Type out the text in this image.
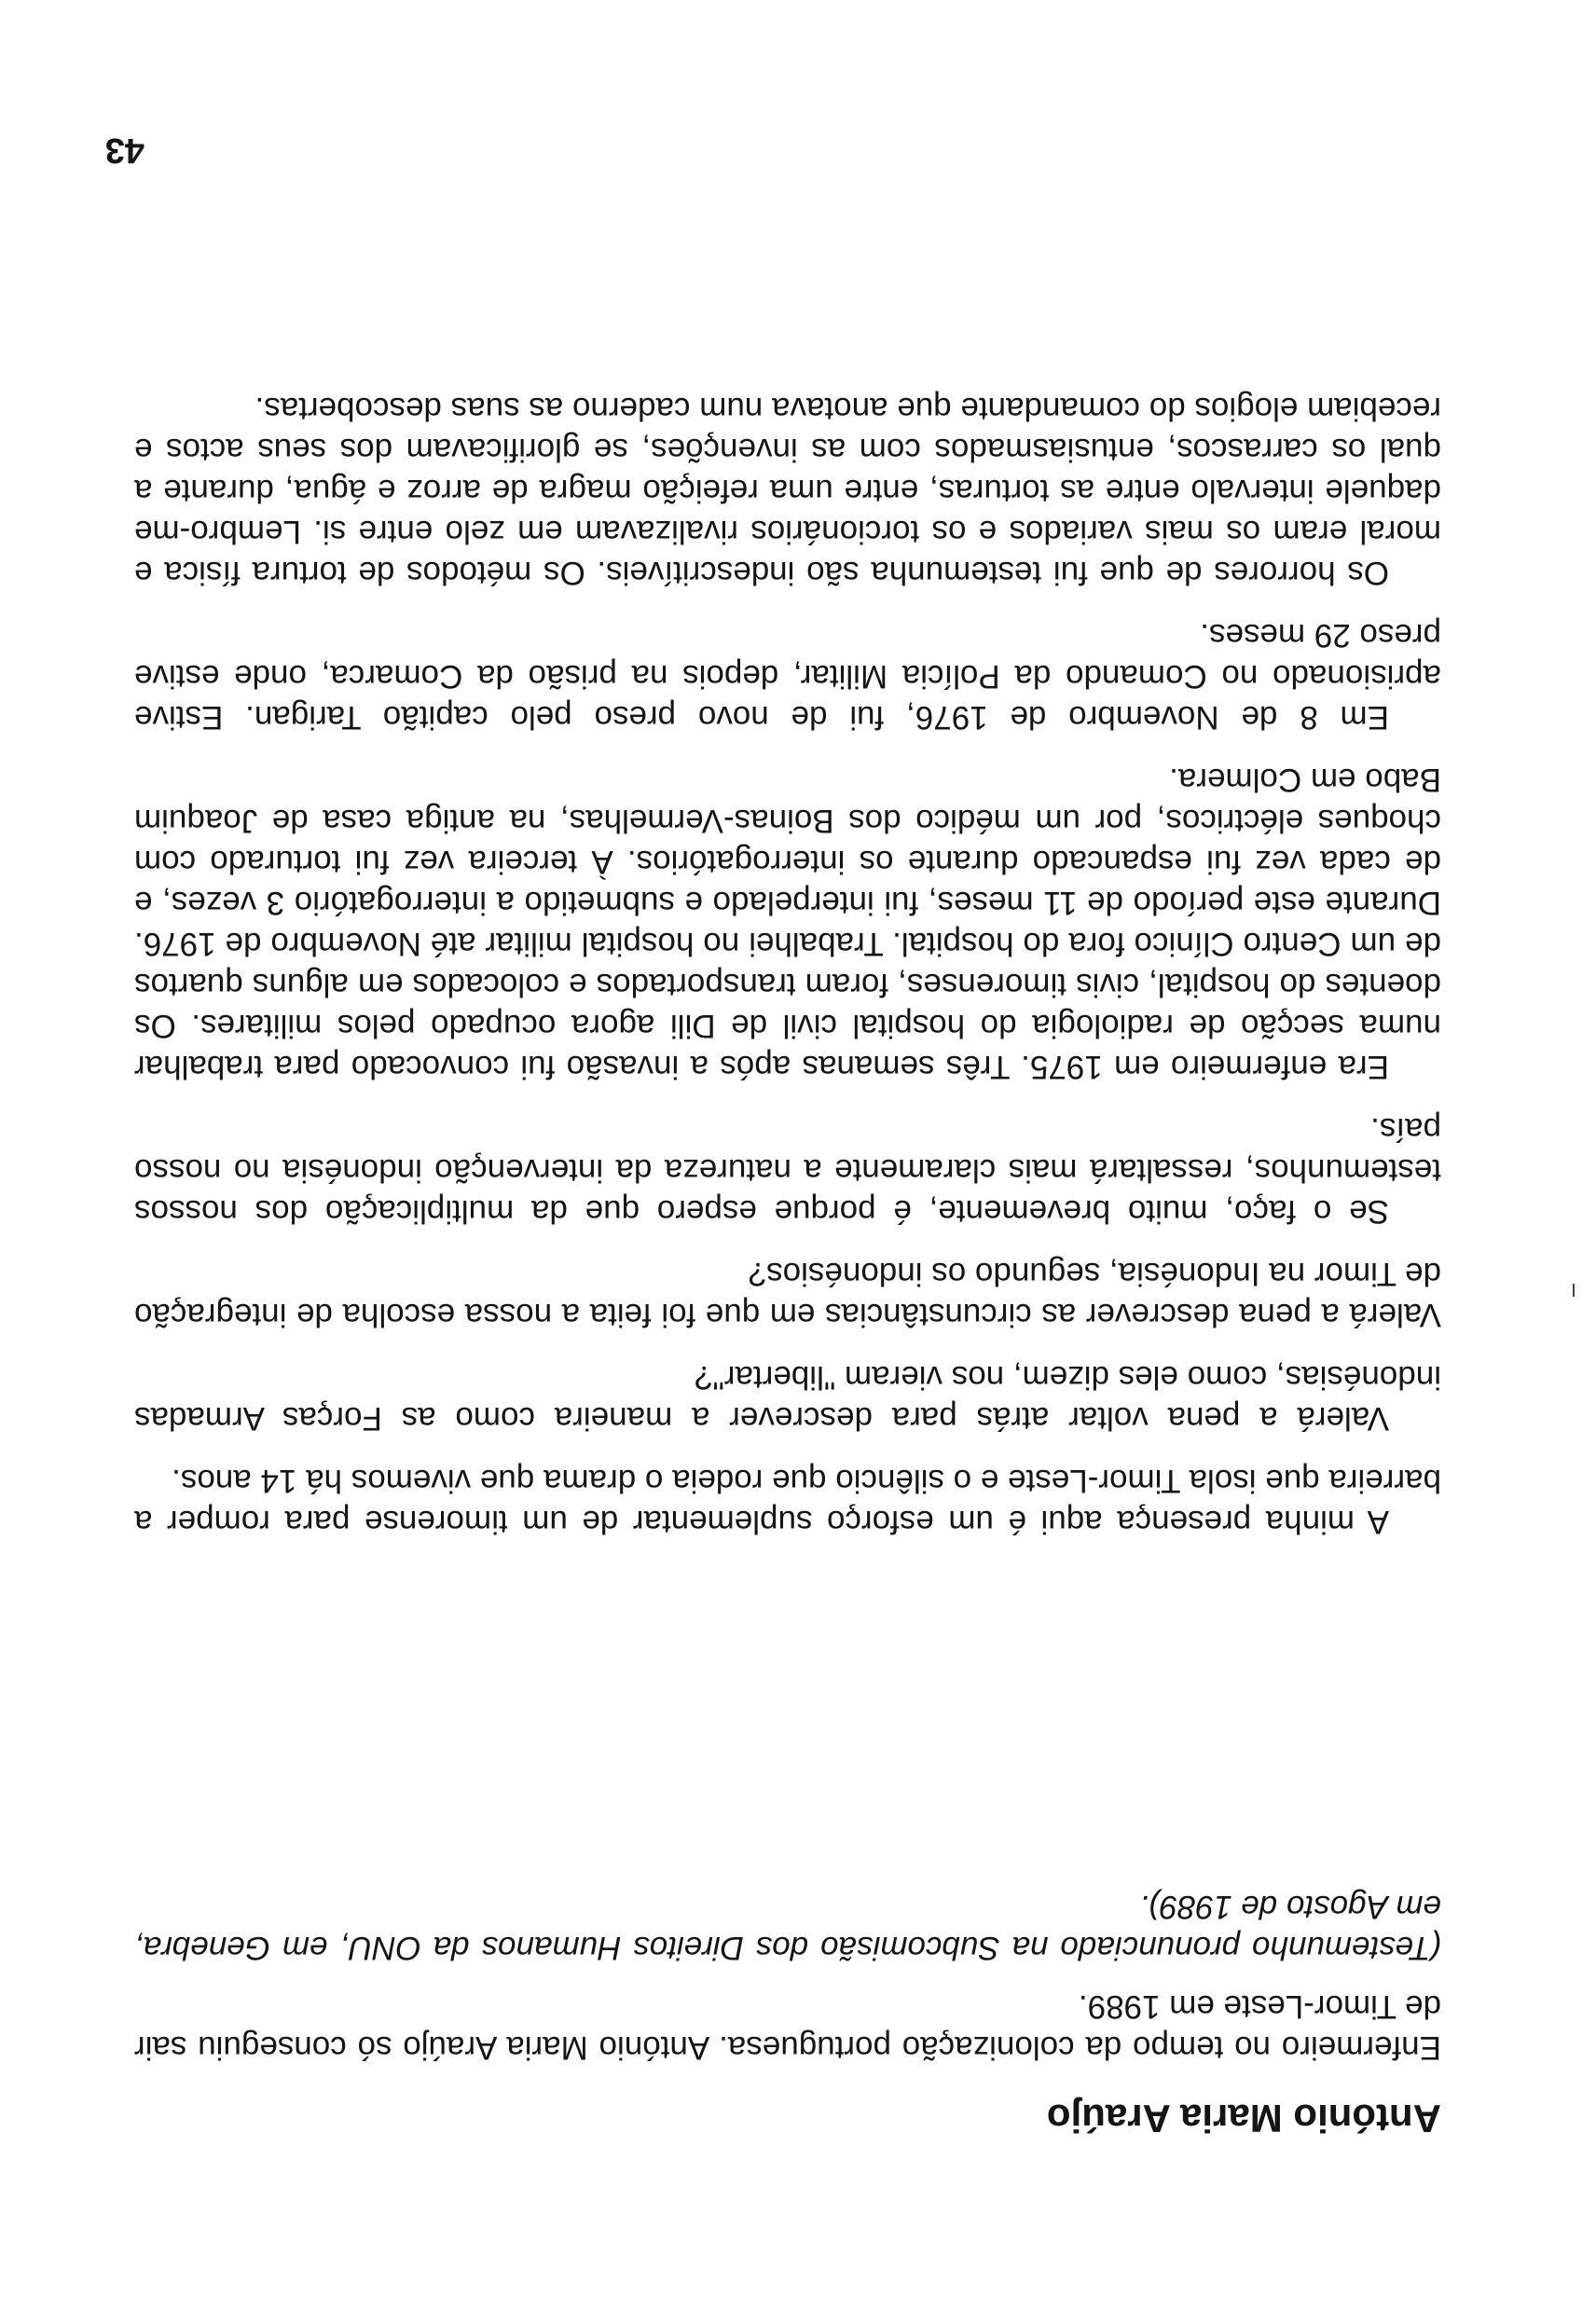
António Maria Araújo

Enfermeiro no tempo da colonização portuguesa. António Maria Araújo só conseguiu sair de Timor-Leste em 1989.

(Testemunho pronunciado na Subcomisão dos Direitos Humanos da ONU, em Genebra, em Agosto de 1989).

A minha presença aqui é um esforço suplementar de um timorense para romper a barreira que isola Timor-Leste e o silêncio que rodeia o drama que vivemos há 14 anos.

Valerá a pena voltar atrás para descrever a maneira como as Forças Armadas indonésias, como eles dizem, nos vieram "libertar"?

Valerá a pena descrever as circunstâncias em que foi feita a nossa escolha de integração de Timor na Indonésia, segundo os indonésios?

Se o faço, muito brevemente, é porque espero que da multiplicação dos nossos testemunhos, ressaltará mais claramente a natureza da intervenção indonésia no nosso país.

Era enfermeiro em 1975. Três semanas após a invasão fui convocado para trabalhar numa secção de radiologia do hospital civil de Dili agora ocupado pelos militares. Os doentes do hospital, civis timorenses, foram transportados e colocados em alguns quartos de um Centro Clínico fora do hospital. Trabalhei no hospital militar até Novembro de 1976. Durante este período de 11 meses, fui interpelado e submetido a interrogatório 3 vezes, e de cada vez fui espancado durante os interrogatórios. À terceira vez fui torturado com choques eléctricos, por um médico dos Boinas-Vermelhas, na antiga casa de Joaquim Babo em Colmera.

Em 8 de Novembro de 1976, fui de novo preso pelo capitão Tarigan. Estive aprisionado no Comando da Polícia Militar, depois na prisão da Comarca, onde estive preso 29 meses.

Os horrores de que fui testemunha são indescritíveis. Os métodos de tortura física e moral eram os mais variados e os torcionários rivalizavam em zelo entre si. Lembro-me daquele intervalo entre as torturas, entre uma refeição magra de arroz e água, durante a qual os carrascos, entusiasmados com as invenções, se glorificavam dos seus actos e recebiam elogios do comandante que anotava num caderno as suas descobertas.

43
